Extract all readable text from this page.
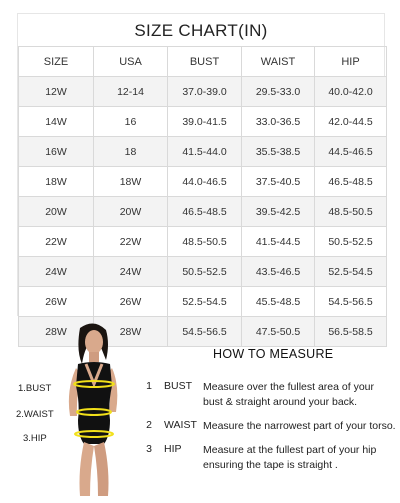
SIZE CHART(IN)
SIZE	USA	BUST	WAIST	HIP
12W	12-14	37.0-39.0	29.5-33.0	40.0-42.0
14W	16	39.0-41.5	33.0-36.5	42.0-44.5
16W	18	41.5-44.0	35.5-38.5	44.5-46.5
18W	18W	44.0-46.5	37.5-40.5	46.5-48.5
20W	20W	46.5-48.5	39.5-42.5	48.5-50.5
22W	22W	48.5-50.5	41.5-44.5	50.5-52.5
24W	24W	50.5-52.5	43.5-46.5	52.5-54.5
26W	26W	52.5-54.5	45.5-48.5	54.5-56.5
28W	28W	54.5-56.5	47.5-50.5	56.5-58.5
1.BUST
2.WAIST
3.HIP
HOW TO MEASURE
1 BUST Measure over the fullest area of your
bust & straight around your back.
2 WAIST Measure the narrowest part of your torso.
3 HIP Measure at the fullest part of your hip
ensuring the tape is straight .
